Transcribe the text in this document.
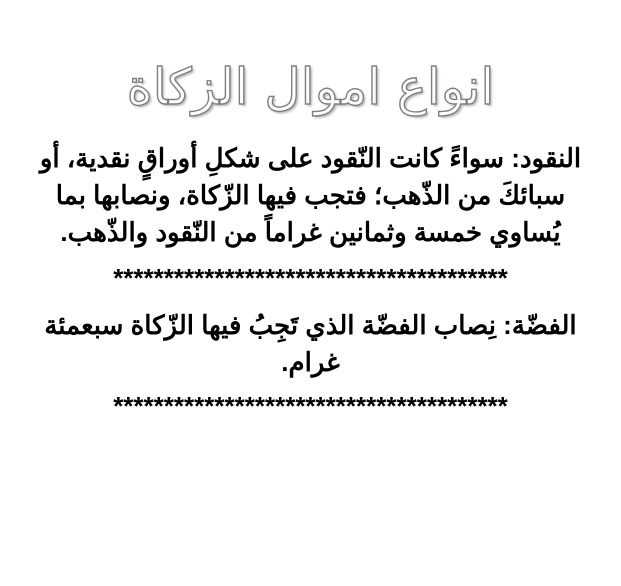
انواع اموال الزكاة

النقود: سواءً كانت النّقود على شكلِ أوراقٍ نقدية، أو سبائكَ من الذّهب؛ فتجب فيها الزّكاة، ونصابها بما يُساوي خمسة وثمانين غراماً من النّقود والذّهب.

***************************************

الفضّة: نِصاب الفضّة الذي تَجِبُ فيها الزّكاة سبعمئة غرام.

***************************************
